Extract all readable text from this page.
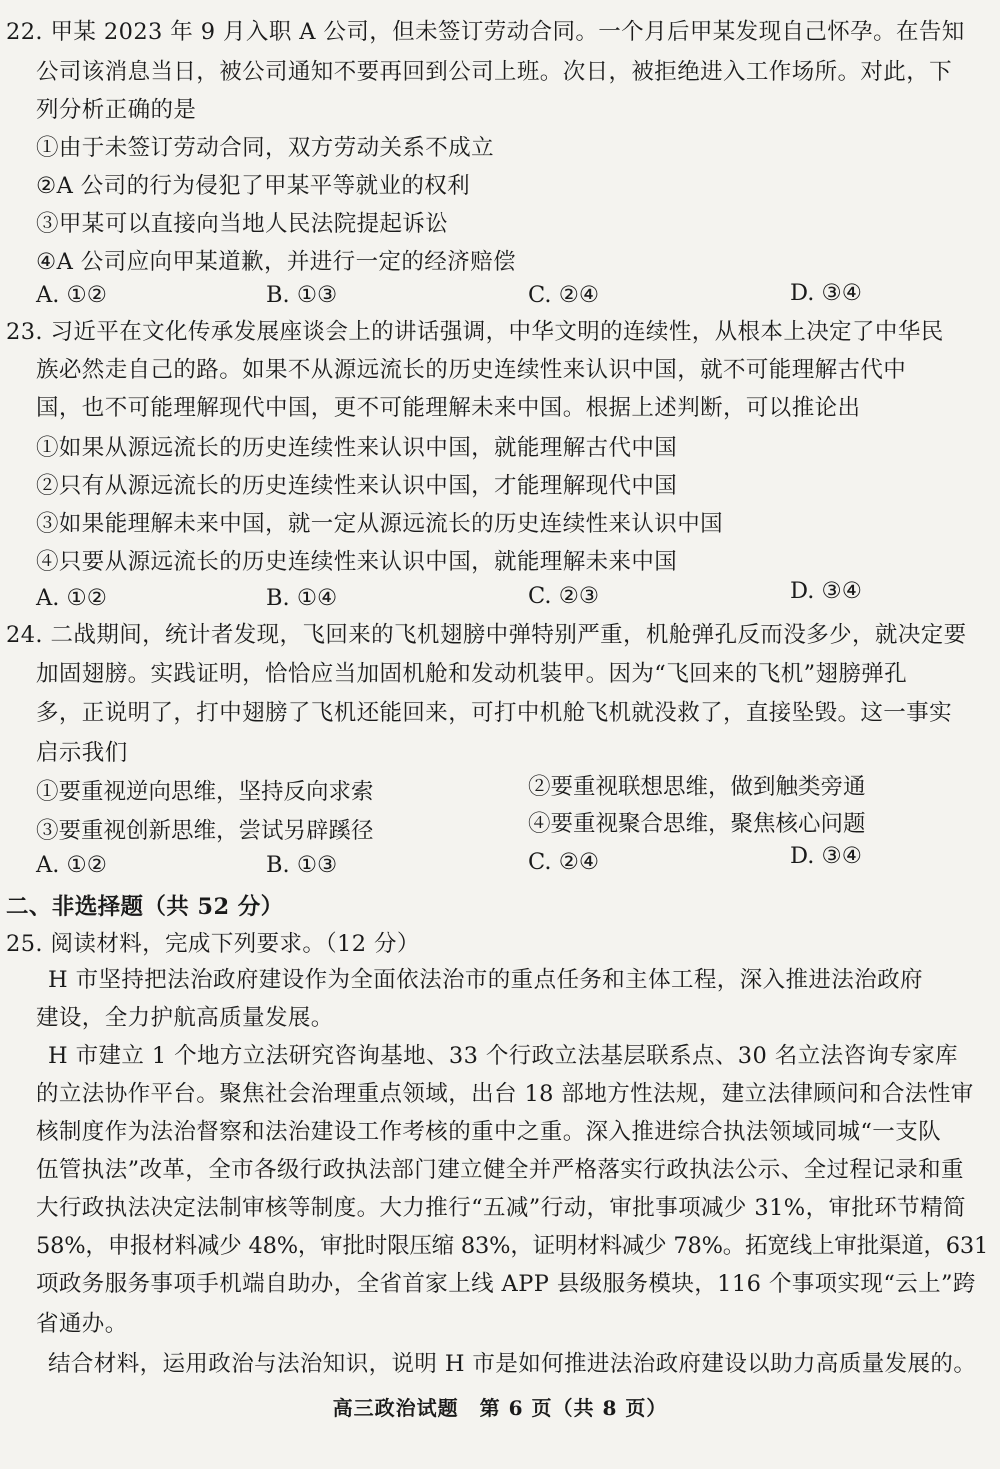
22. 甲某 2023 年 9 月入职 A 公司，但未签订劳动合同。一个月后甲某发现自己怀孕。在告知
公司该消息当日，被公司通知不要再回到公司上班。次日，被拒绝进入工作场所。对此，下
列分析正确的是
①由于未签订劳动合同，双方劳动关系不成立
②A 公司的行为侵犯了甲某平等就业的权利
③甲某可以直接向当地人民法院提起诉讼
④A 公司应向甲某道歉，并进行一定的经济赔偿
A. ①②	B. ①③	C. ②④	D. ③④
23. 习近平在文化传承发展座谈会上的讲话强调，中华文明的连续性，从根本上决定了中华民
族必然走自己的路。如果不从源远流长的历史连续性来认识中国，就不可能理解古代中
国，也不可能理解现代中国，更不可能理解未来中国。根据上述判断，可以推论出
①如果从源远流长的历史连续性来认识中国，就能理解古代中国
②只有从源远流长的历史连续性来认识中国，才能理解现代中国
③如果能理解未来中国，就一定从源远流长的历史连续性来认识中国
④只要从源远流长的历史连续性来认识中国，就能理解未来中国
A. ①②	B. ①④	C. ②③	D. ③④
24. 二战期间，统计者发现，飞回来的飞机翅膀中弹特别严重，机舱弹孔反而没多少，就决定要
加固翅膀。实践证明，恰恰应当加固机舱和发动机装甲。因为“飞回来的飞机”翅膀弹孔
多，正说明了，打中翅膀了飞机还能回来，可打中机舱飞机就没救了，直接坠毁。这一事实
启示我们
①要重视逆向思维，坚持反向求索	②要重视联想思维，做到触类旁通
③要重视创新思维，尝试另辟蹊径	④要重视聚合思维，聚焦核心问题
A. ①②	B. ①③	C. ②④	D. ③④
二、非选择题（共 52 分）
25. 阅读材料，完成下列要求。（12 分）
H 市坚持把法治政府建设作为全面依法治市的重点任务和主体工程，深入推进法治政府
建设，全力护航高质量发展。
H 市建立 1 个地方立法研究咨询基地、33 个行政立法基层联系点、30 名立法咨询专家库
的立法协作平台。聚焦社会治理重点领域，出台 18 部地方性法规，建立法律顾问和合法性审
核制度作为法治督察和法治建设工作考核的重中之重。深入推进综合执法领域同城“一支队
伍管执法”改革，全市各级行政执法部门建立健全并严格落实行政执法公示、全过程记录和重
大行政执法决定法制审核等制度。大力推行“五减”行动，审批事项减少 31%，审批环节精简
58%，申报材料减少 48%，审批时限压缩 83%，证明材料减少 78%。拓宽线上审批渠道，631
项政务服务事项手机端自助办，全省首家上线 APP 县级服务模块，116 个事项实现“云上”跨
省通办。
结合材料，运用政治与法治知识，说明 H 市是如何推进法治政府建设以助力高质量发展的。
高三政治试题　第 6 页（共 8 页）
